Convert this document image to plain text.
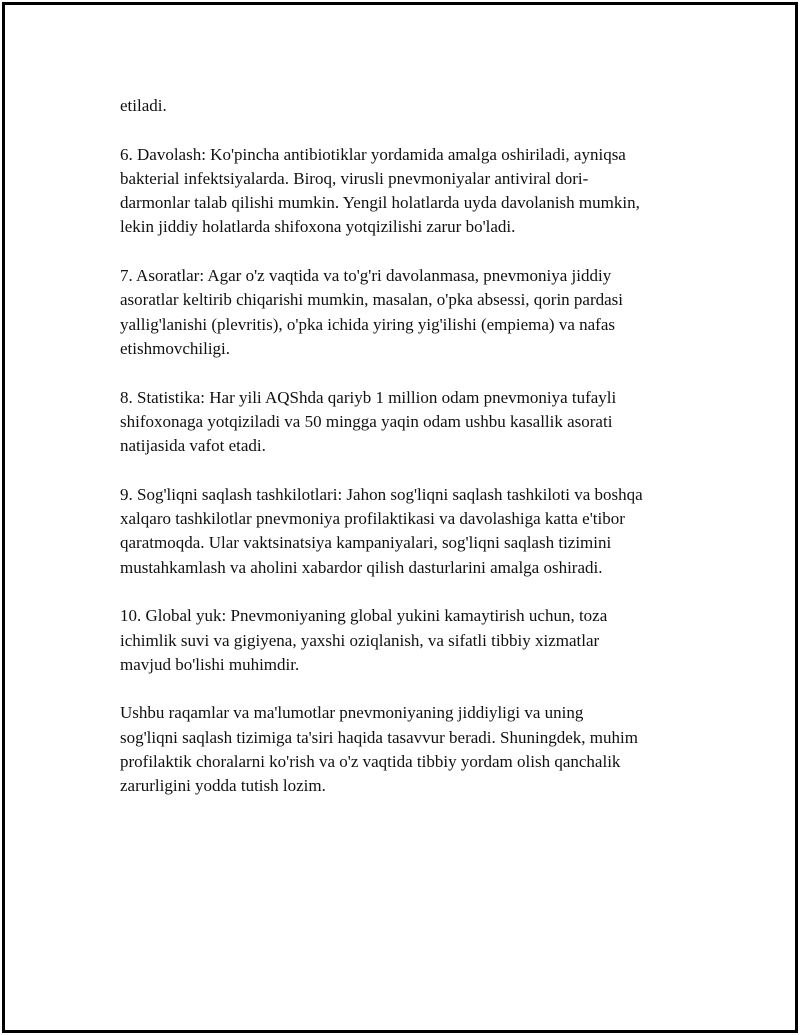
etiladi.

6. Davolash: Ko'pincha antibiotiklar yordamida amalga oshiriladi, ayniqsa
bakterial infektsiyalarda. Biroq, virusli pnevmoniyalar antiviral dori-
darmonlar talab qilishi mumkin. Yengil holatlarda uyda davolanish mumkin,
lekin jiddiy holatlarda shifoxona yotqizilishi zarur bo'ladi.

7. Asoratlar: Agar o'z vaqtida va to'g'ri davolanmasa, pnevmoniya jiddiy
asoratlar keltirib chiqarishi mumkin, masalan, o'pka absessi, qorin pardasi
yallig'lanishi (plevritis), o'pka ichida yiring yig'ilishi (empiema) va nafas
etishmovchiligi.

8. Statistika: Har yili AQShda qariyb 1 million odam pnevmoniya tufayli
shifoxonaga yotqiziladi va 50 mingga yaqin odam ushbu kasallik asorati
natijasida vafot etadi.

9. Sog'liqni saqlash tashkilotlari: Jahon sog'liqni saqlash tashkiloti va boshqa
xalqaro tashkilotlar pnevmoniya profilaktikasi va davolashiga katta e'tibor
qaratmoqda. Ular vaktsinatsiya kampaniyalari, sog'liqni saqlash tizimini
mustahkamlash va aholini xabardor qilish dasturlarini amalga oshiradi.

10. Global yuk: Pnevmoniyaning global yukini kamaytirish uchun, toza
ichimlik suvi va gigiyena, yaxshi oziqlanish, va sifatli tibbiy xizmatlar
mavjud bo'lishi muhimdir.

Ushbu raqamlar va ma'lumotlar pnevmoniyaning jiddiyligi va uning
sog'liqni saqlash tizimiga ta'siri haqida tasavvur beradi. Shuningdek, muhim
profilaktik choralarni ko'rish va o'z vaqtida tibbiy yordam olish qanchalik
zarurligini yodda tutish lozim.
